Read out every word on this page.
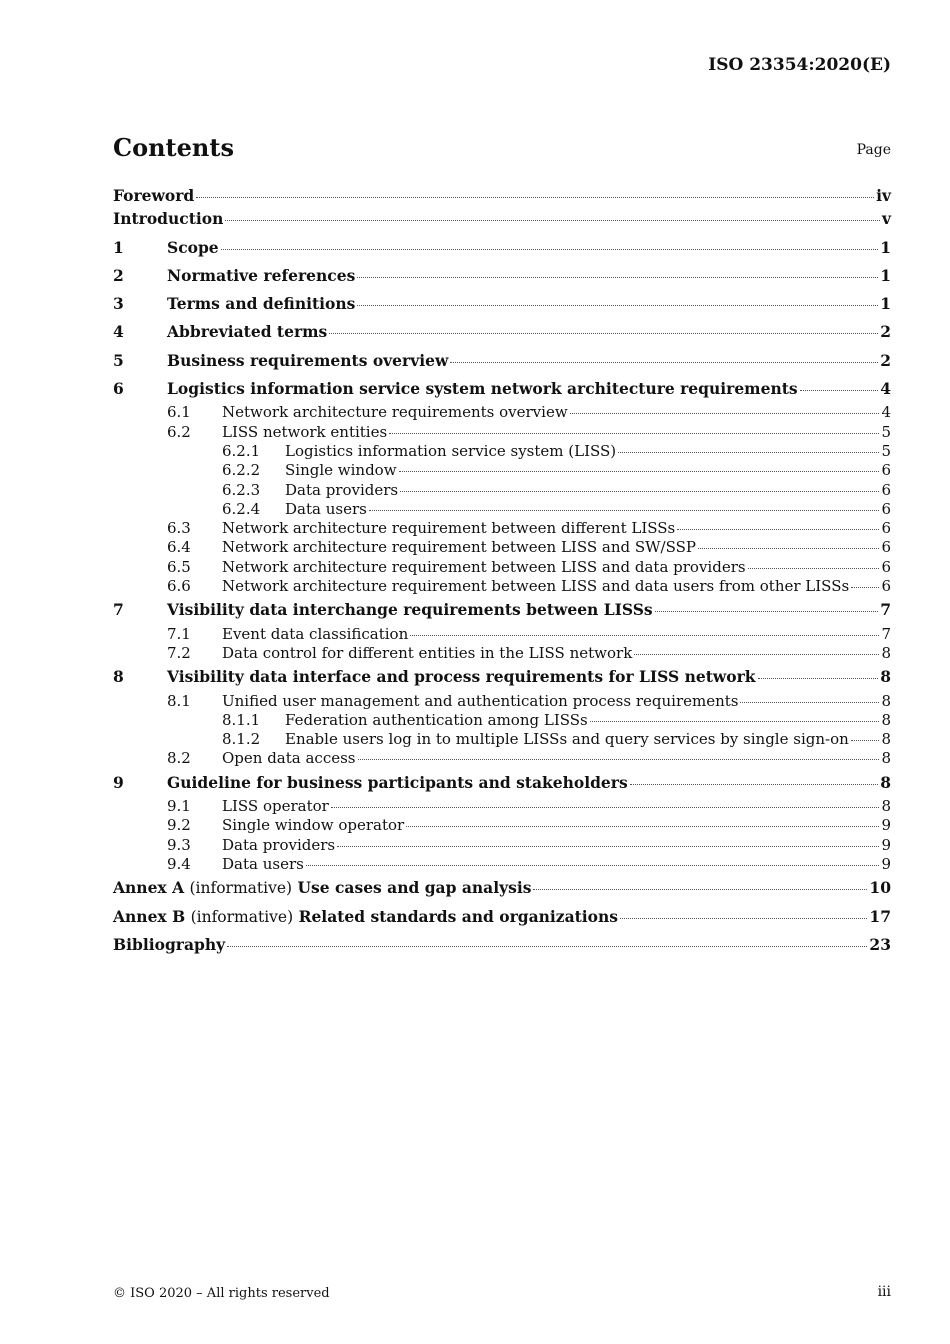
ISO 23354:2020(E)
Contents	Page
Foreword	iv
Introduction	v
1	Scope	1
2	Normative references	1
3	Terms and definitions	1
4	Abbreviated terms	2
5	Business requirements overview	2
6	Logistics information service system network architecture requirements	4
6.1	Network architecture requirements overview	4
6.2	LISS network entities	5
6.2.1	Logistics information service system (LISS)	5
6.2.2	Single window	6
6.2.3	Data providers	6
6.2.4	Data users	6
6.3	Network architecture requirement between different LISSs	6
6.4	Network architecture requirement between LISS and SW/SSP	6
6.5	Network architecture requirement between LISS and data providers	6
6.6	Network architecture requirement between LISS and data users from other LISSs 6
7	Visibility data interchange requirements between LISSs	7
7.1	Event data classification	7
7.2	Data control for different entities in the LISS network	8
8	Visibility data interface and process requirements for LISS network	8
8.1	Unified user management and authentication process requirements	8
8.1.1	Federation authentication among LISSs	8
8.1.2	Enable users log in to multiple LISSs and query services by single sign-on 8
8.2	Open data access	8
9	Guideline for business participants and stakeholders	8
9.1	LISS operator	8
9.2	Single window operator	9
9.3	Data providers	9
9.4	Data users	9
Annex A (informative) Use cases and gap analysis	10
Annex B (informative) Related standards and organizations	17
Bibliography	23
© ISO 2020 – All rights reserved	iii
